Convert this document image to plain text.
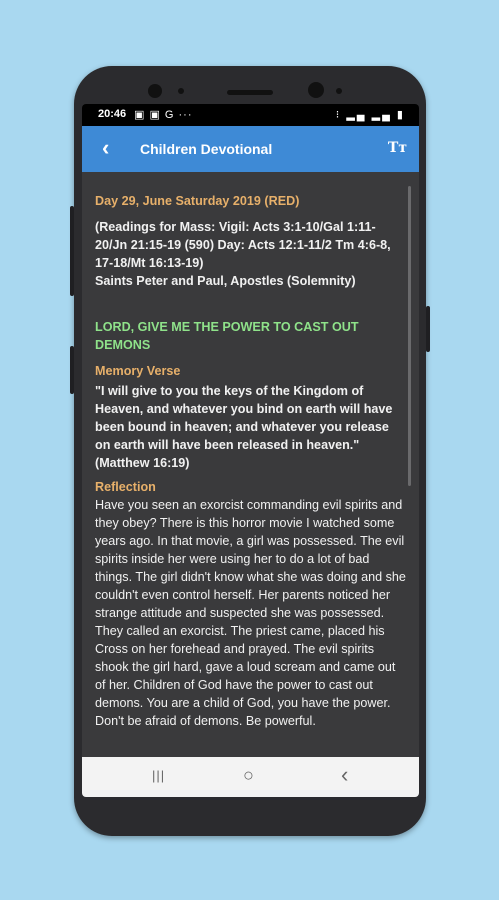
20:46 ▣ ▣ G ···	⁝ ▂▄ ▂▄ ▮
‹ Children Devotional	Tт

Day 29, June Saturday 2019 (RED)

(Readings for Mass: Vigil: Acts 3:1-10/Gal 1:11-20/Jn 21:15-19 (590) Day: Acts 12:1-11/2 Tm 4:6-8, 17-18/Mt 16:13-19)

Saints Peter and Paul, Apostles (Solemnity)

LORD, GIVE ME THE POWER TO CAST OUT DEMONS

Memory Verse

"I will give to you the keys of the Kingdom of Heaven, and whatever you bind on earth will have been bound in heaven; and whatever you release on earth will have been released in heaven." (Matthew 16:19)

Reflection

Have you seen an exorcist commanding evil spirits and they obey? There is this horror movie I watched some years ago. In that movie, a girl was possessed. The evil spirits inside her were using her to do a lot of bad things. The girl didn't know what she was doing and she couldn't even control herself. Her parents noticed her strange attitude and suspected she was possessed. They called an exorcist. The priest came, placed his Cross on her forehead and prayed. The evil spirits shook the girl hard, gave a loud scream and came out of her. Children of God have the power to cast out demons. You are a child of God, you have the power. Don't be afraid of demons. Be powerful.

|||	○	‹
